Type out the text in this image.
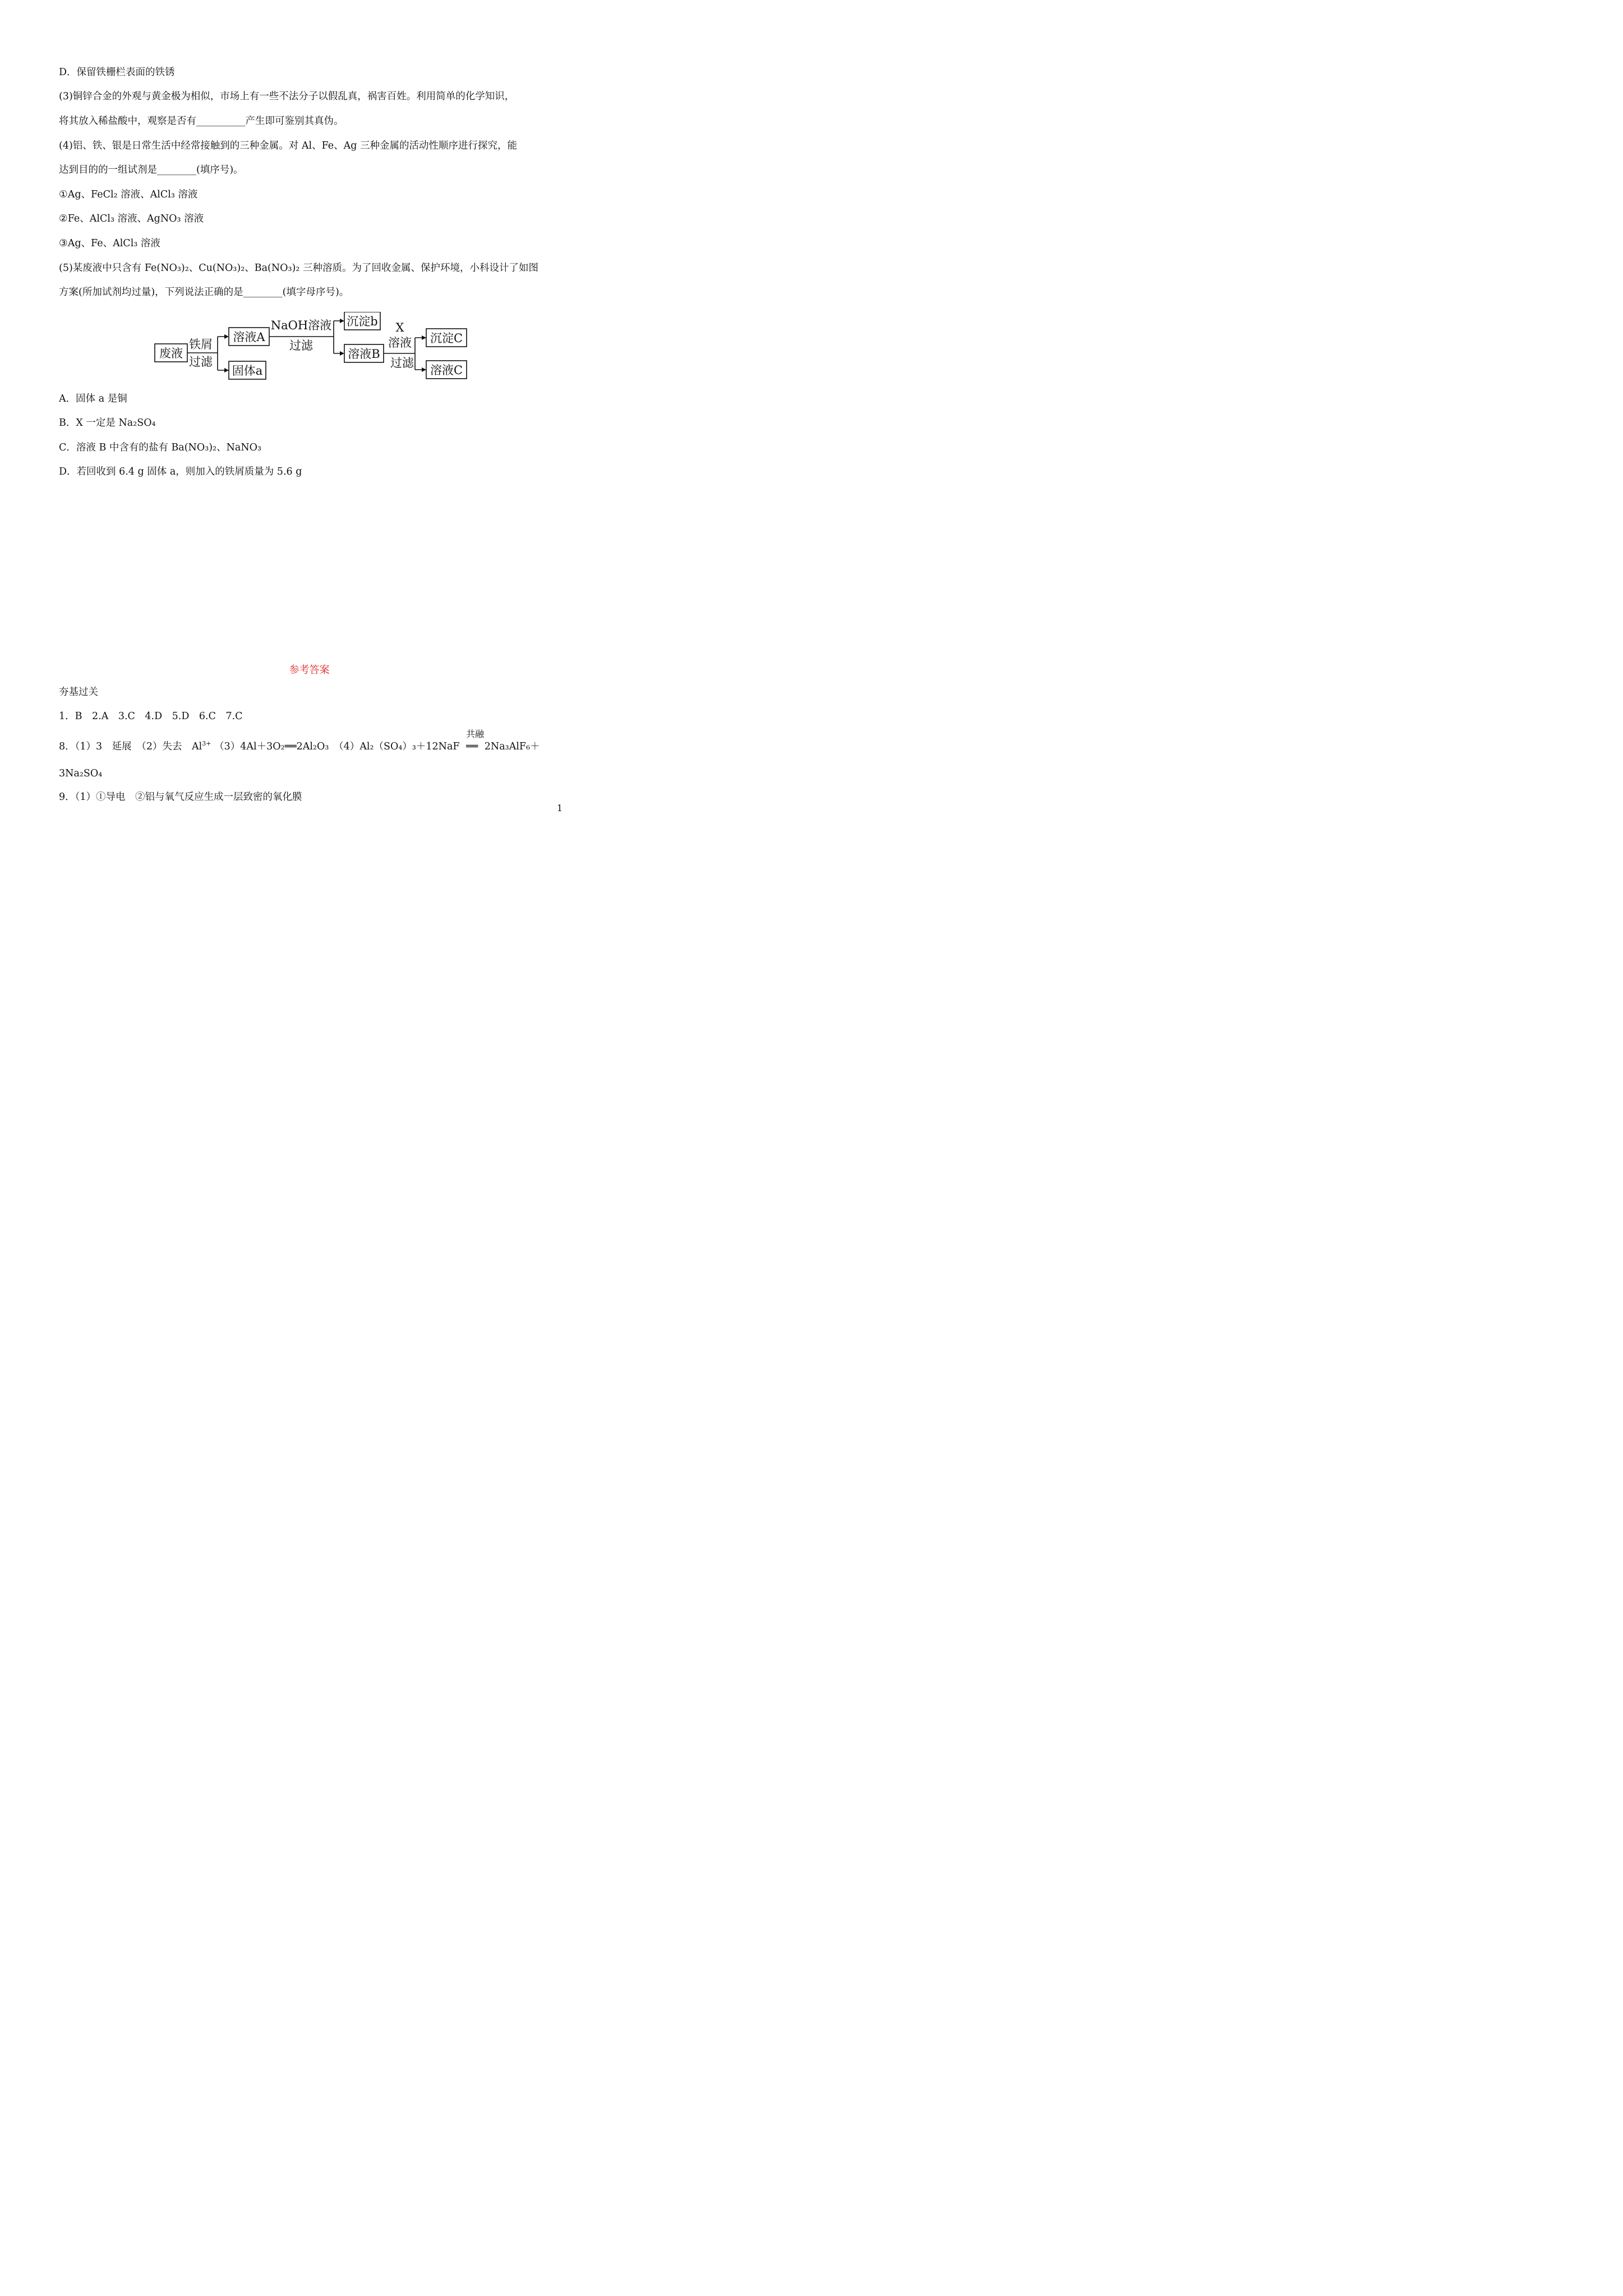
D．保留铁栅栏表面的铁锈
(3)铜锌合金的外观与黄金极为相似，市场上有一些不法分子以假乱真，祸害百姓。利用简单的化学知识，
将其放入稀盐酸中，观察是否有__________产生即可鉴别其真伪。
(4)铝、铁、银是日常生活中经常接触到的三种金属。对 Al、Fe、Ag 三种金属的活动性顺序进行探究，能
达到目的的一组试剂是________(填序号)。
①Ag、FeCl₂ 溶液、AlCl₃ 溶液
②Fe、AlCl₃ 溶液、AgNO₃ 溶液
③Ag、Fe、AlCl₃ 溶液
(5)某废液中只含有 Fe(NO₃)₂、Cu(NO₃)₂、Ba(NO₃)₂ 三种溶质。为了回收金属、保护环境，小科设计了如图
方案(所加试剂均过量)，下列说法正确的是________(填字母序号)。
废液
铁屑
过滤
溶液A
固体a
NaOH溶液
过滤
沉淀b
溶液B
X
溶液
过滤
沉淀C
溶液C
A．固体 a 是铜
B．X 一定是 Na₂SO₄
C．溶液 B 中含有的盐有 Ba(NO₃)₂、NaNO₃
D．若回收到 6.4 g 固体 a，则加入的铁屑质量为 5.6 g
参考答案
夯基过关
1．B　2.A　3.C　4.D　5.D　6.C　7.C
8．（1）3　延展　（2）失去　$Al^{3+}$ （3）4Al＋3O₂══2Al₂O₃　（4）Al₂（SO₄）₃＋12NaF
共融
══ 2Na₃AlF₆＋
3Na₂SO₄
9．（1）①导电　②铝与氧气反应生成一层致密的氧化膜
1
